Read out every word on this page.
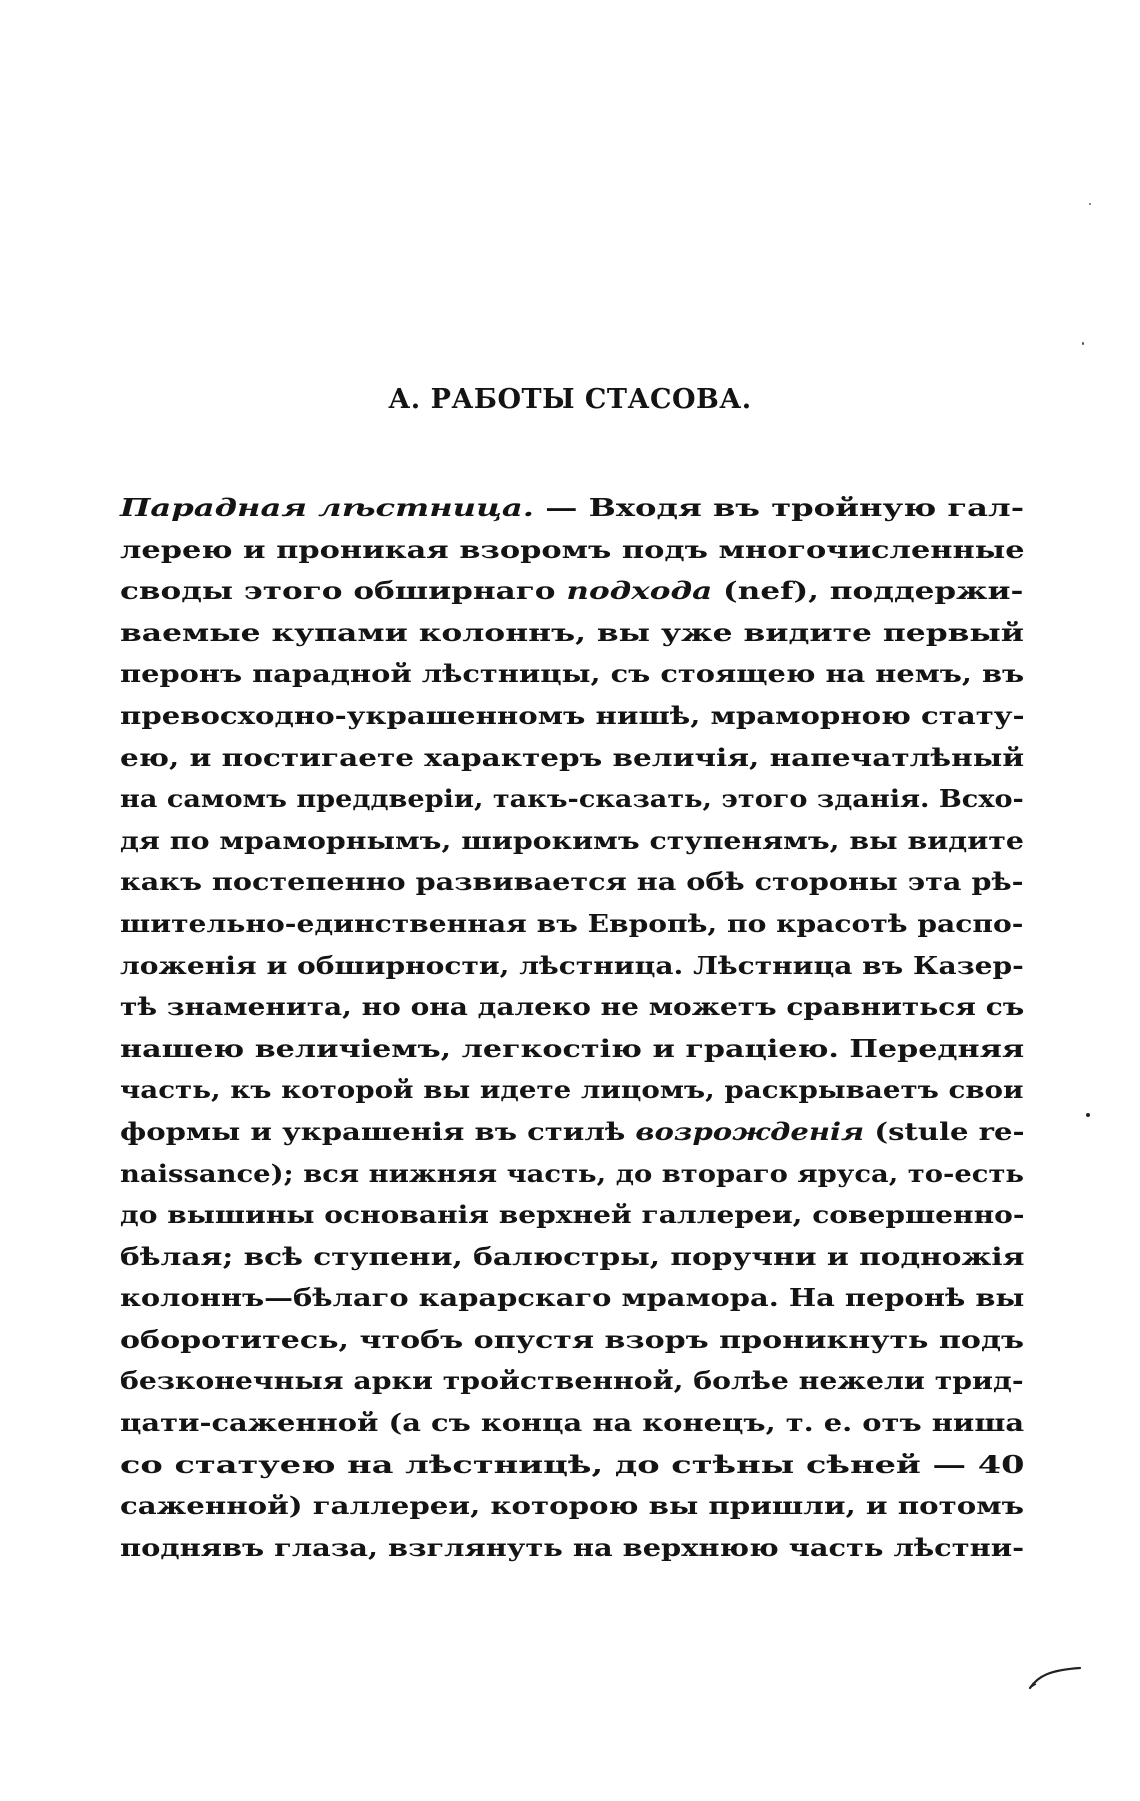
А. РАБОТЫ СТАСОВА.
Парадная лѣстница. — Входя въ тройную гал-
лерею и проникая взоромъ подъ многочисленные
своды этого обширнаго подхода (nef), поддержи-
ваемые купами колоннъ, вы уже видите первый
перонъ парадной лѣстницы, съ стоящею на немъ, въ
превосходно-украшенномъ нишѣ, мраморною стату-
ею, и постигаете характеръ величія, напечатлѣный
на самомъ преддверіи, такъ-сказать, этого зданія. Всхо-
дя по мраморнымъ, широкимъ ступенямъ, вы видите
какъ постепенно развивается на обѣ стороны эта рѣ-
шительно-единственная въ Европѣ, по красотѣ распо-
ложенія и обширности, лѣстница. Лѣстница въ Казер-
тѣ знаменита, но она далеко не можетъ сравниться съ
нашею величіемъ, легкостію и граціею. Передняя
часть, къ которой вы идете лицомъ, раскрываетъ свои
формы и украшенія въ стилѣ возрожденія (stule re-
naissance); вся нижняя часть, до втораго яруса, то-есть
до вышины основанія верхней галлереи, совершенно-
бѣлая; всѣ ступени, балюстры, поручни и подножія
колоннъ—бѣлаго карарскаго мрамора. На перонѣ вы
оборотитесь, чтобъ опустя взоръ проникнуть подъ
безконечныя арки тройственной, болѣе нежели трид-
цати-саженной (а съ конца на конецъ, т. е. отъ ниша
со статуею на лѣстницѣ, до стѣны сѣней — 40
саженной) галлереи, которою вы пришли, и потомъ
поднявъ глаза, взглянуть на верхнюю часть лѣстни-
